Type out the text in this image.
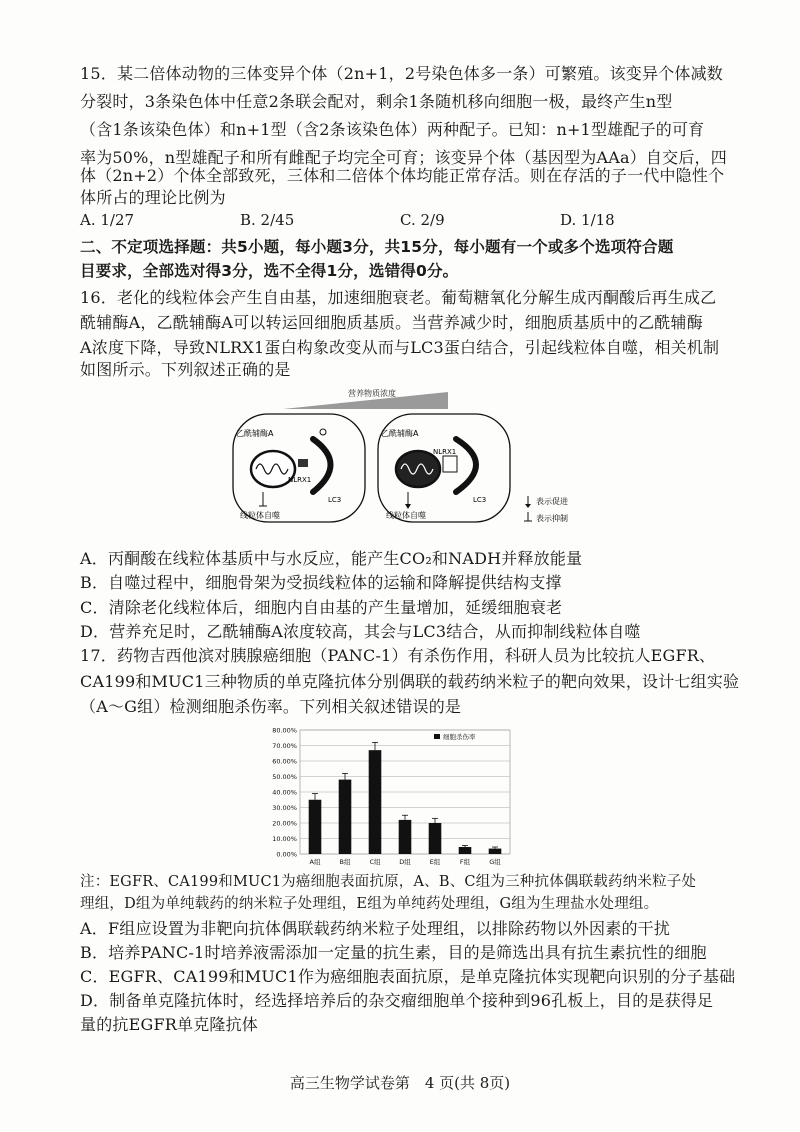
15．某二倍体动物的三体变异个体（2n+1，2号染色体多一条）可繁殖。该变异个体减数
分裂时，3条染色体中任意2条联会配对，剩余1条随机移向细胞一极，最终产生n型
（含1条该染色体）和n+1型（含2条该染色体）两种配子。已知：n+1型雄配子的可育
率为50%，n型雄配子和所有雌配子均完全可育；该变异个体（基因型为AAa）自交后，四
体（2n+2）个体全部致死，三体和二倍体个体均能正常存活。则在存活的子一代中隐性个
体所占的理论比例为
A. 1/27	B. 2/45	C. 2/9	D. 1/18
二、不定项选择题：共5小题，每小题3分，共15分，每小题有一个或多个选项符合题
目要求，全部选对得3分，选不全得1分，选错得0分。
16．老化的线粒体会产生自由基，加速细胞衰老。葡萄糖氧化分解生成丙酮酸后再生成乙
酰辅酶A，乙酰辅酶A可以转运回细胞质基质。当营养减少时，细胞质基质中的乙酰辅酶
A浓度下降，导致NLRX1蛋白构象改变从而与LC3蛋白结合，引起线粒体自噬，相关机制
如图所示。下列叙述正确的是
营养物质浓度
乙酰辅酶A
NLRX1
LC3
线粒体自噬
乙酰辅酶A
NLRX1
LC3
线粒体自噬
表示促进
表示抑制
A．丙酮酸在线粒体基质中与水反应，能产生CO₂和NADH并释放能量
B．自噬过程中，细胞骨架为受损线粒体的运输和降解提供结构支撑
C．清除老化线粒体后，细胞内自由基的产生量增加，延缓细胞衰老
D．营养充足时，乙酰辅酶A浓度较高，其会与LC3结合，从而抑制线粒体自噬
17．药物吉西他滨对胰腺癌细胞（PANC-1）有杀伤作用，科研人员为比较抗人EGFR、
CA199和MUC1三种物质的单克隆抗体分别偶联的载药纳米粒子的靶向效果，设计七组实验
（A～G组）检测细胞杀伤率。下列相关叙述错误的是
0.00%
10.00%
20.00%
30.00%
40.00%
50.00%
60.00%
70.00%
80.00%
A组	B组	C组	D组	E组	F组	G组
细胞杀伤率
注：EGFR、CA199和MUC1为癌细胞表面抗原，A、B、C组为三种抗体偶联载药纳米粒子处
理组，D组为单纯载药的纳米粒子处理组，E组为单纯药处理组，G组为生理盐水处理组。
A．F组应设置为非靶向抗体偶联载药纳米粒子处理组，以排除药物以外因素的干扰
B．培养PANC-1时培养液需添加一定量的抗生素，目的是筛选出具有抗生素抗性的细胞
C．EGFR、CA199和MUC1作为癌细胞表面抗原，是单克隆抗体实现靶向识别的分子基础
D．制备单克隆抗体时，经选择培养后的杂交瘤细胞单个接种到96孔板上，目的是获得足
量的抗EGFR单克隆抗体
高三生物学试卷第　4 页(共 8页)
